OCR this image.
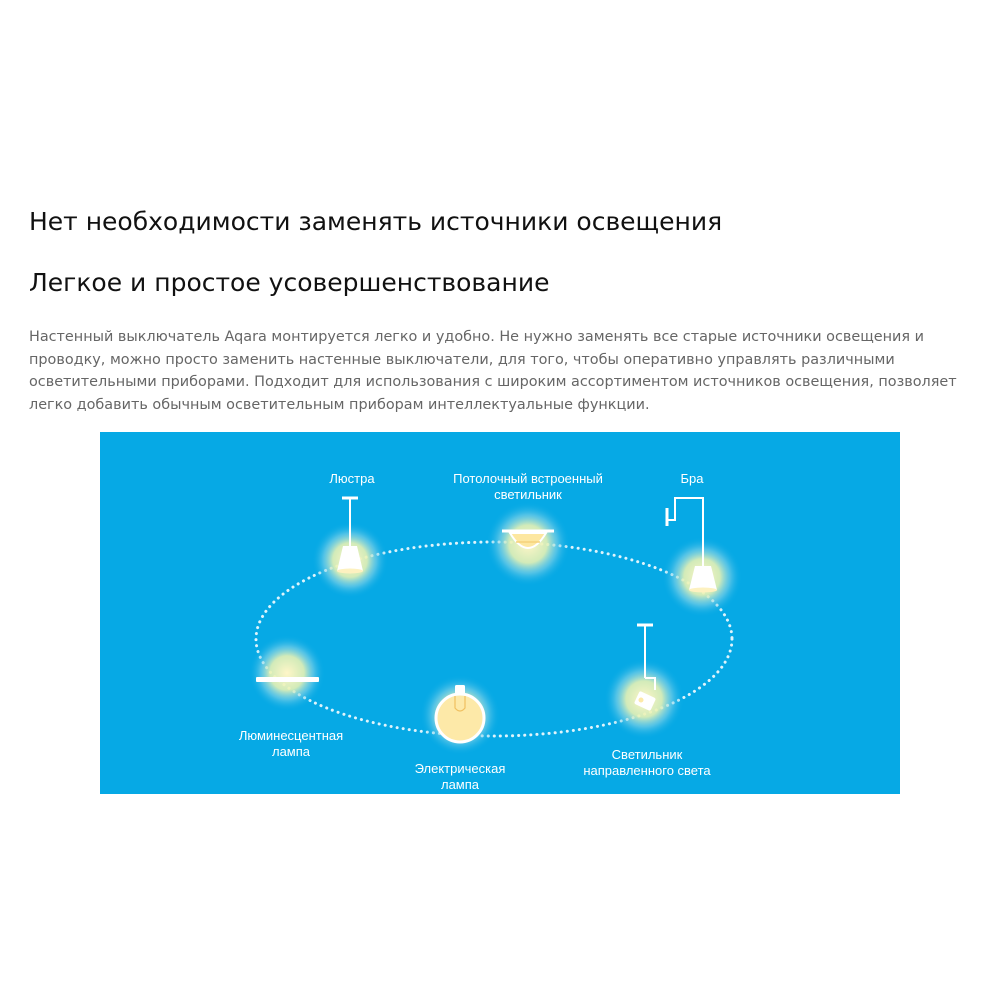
Нет необходимости заменять источники освещения
Легкое и простое усовершенствование

Настенный выключатель Aqara монтируется легко и удобно. Не нужно заменять все старые источники освещения и
проводку, можно просто заменить настенные выключатели, для того, чтобы оперативно управлять различными
осветительными приборами. Подходит для использования с широким ассортиментом источников освещения, позволяет
легко добавить обычным осветительным приборам интеллектуальные функции.

Люстра	Потолочный встроенный
светильник
Бра
Люминесцентная
лампа
Электрическая
лампа
Светильник
направленного света
